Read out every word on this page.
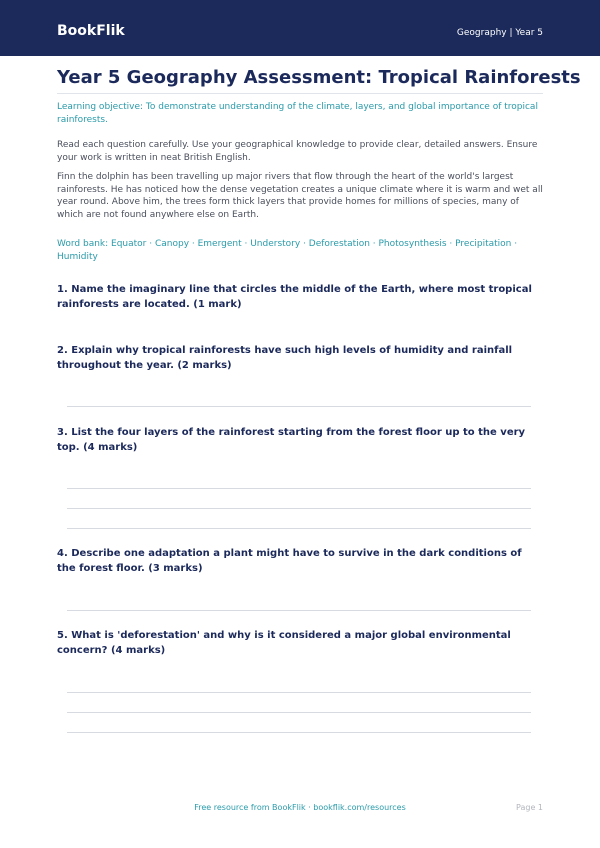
BookFlik	Geography | Year 5
Year 5 Geography Assessment: Tropical Rainforests

Learning objective: To demonstrate understanding of the climate, layers, and global importance of tropical rainforests.

Read each question carefully. Use your geographical knowledge to provide clear, detailed answers. Ensure your work is written in neat British English.

Finn the dolphin has been travelling up major rivers that flow through the heart of the world's largest rainforests. He has noticed how the dense vegetation creates a unique climate where it is warm and wet all year round. Above him, the trees form thick layers that provide homes for millions of species, many of which are not found anywhere else on Earth.

Word bank: Equator · Canopy · Emergent · Understory · Deforestation · Photosynthesis · Precipitation · Humidity

1. Name the imaginary line that circles the middle of the Earth, where most tropical rainforests are located. (1 mark)

2. Explain why tropical rainforests have such high levels of humidity and rainfall throughout the year. (2 marks)

3. List the four layers of the rainforest starting from the forest floor up to the very top. (4 marks)

4. Describe one adaptation a plant might have to survive in the dark conditions of the forest floor. (3 marks)

5. What is 'deforestation' and why is it considered a major global environmental concern? (4 marks)

Free resource from BookFlik · bookflik.com/resources	Page 1
